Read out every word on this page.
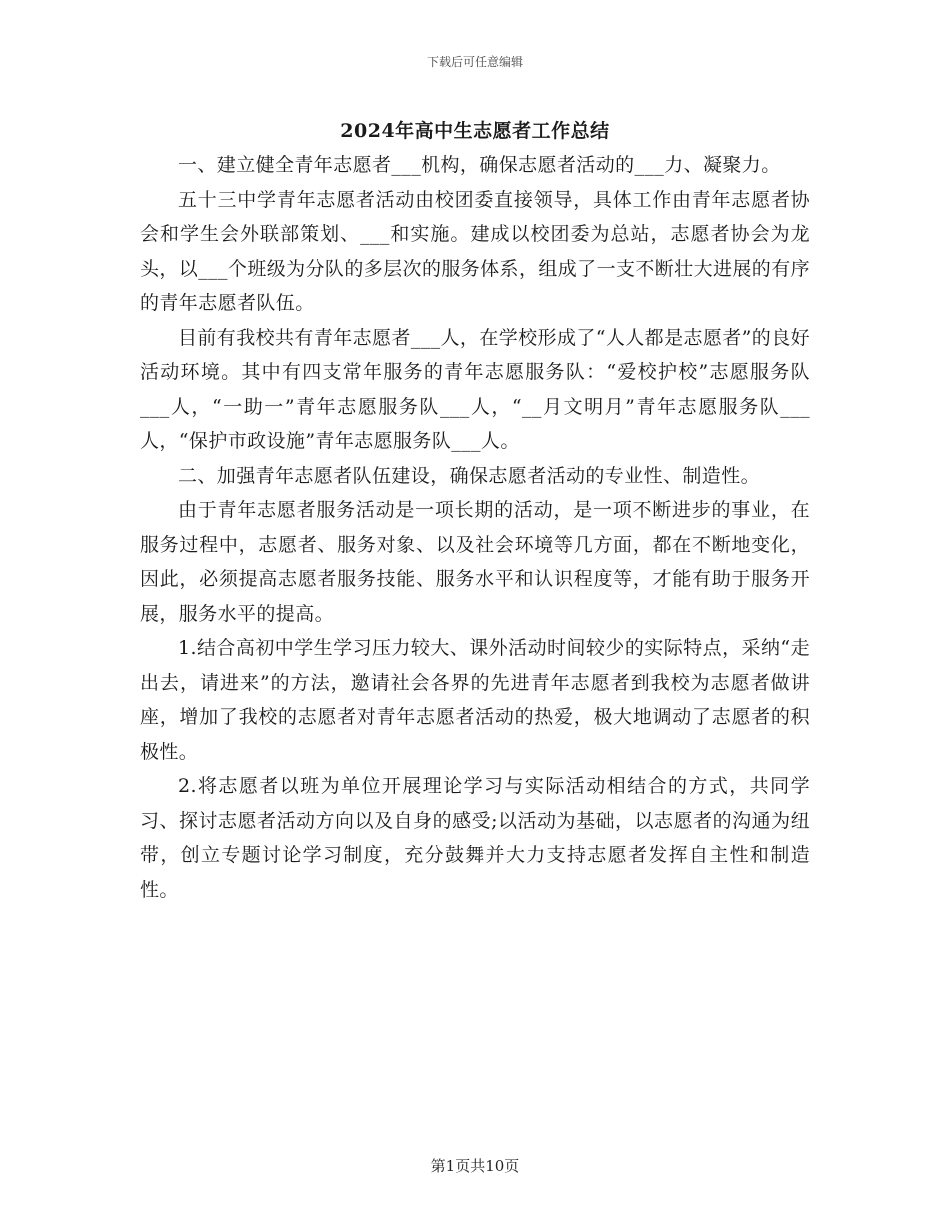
下载后可任意编辑
2024年高中生志愿者工作总结

一、建立健全青年志愿者___机构，确保志愿者活动的___力、凝聚力。

五十三中学青年志愿者活动由校团委直接领导，具体工作由青年志愿者协会和学生会外联部策划、___和实施。建成以校团委为总站，志愿者协会为龙头，以___个班级为分队的多层次的服务体系，组成了一支不断壮大进展的有序的青年志愿者队伍。

目前有我校共有青年志愿者___人，在学校形成了“人人都是志愿者”的良好活动环境。其中有四支常年服务的青年志愿服务队：“爱校护校”志愿服务队___人，“一助一”青年志愿服务队___人，“__月文明月”青年志愿服务队___人，“保护市政设施”青年志愿服务队___人。

二、加强青年志愿者队伍建设，确保志愿者活动的专业性、制造性。

由于青年志愿者服务活动是一项长期的活动，是一项不断进步的事业，在服务过程中，志愿者、服务对象、以及社会环境等几方面，都在不断地变化，因此，必须提高志愿者服务技能、服务水平和认识程度等，才能有助于服务开展，服务水平的提高。

1.结合高初中学生学习压力较大、课外活动时间较少的实际特点，采纳“走出去，请进来”的方法，邀请社会各界的先进青年志愿者到我校为志愿者做讲座，增加了我校的志愿者对青年志愿者活动的热爱，极大地调动了志愿者的积极性。

2.将志愿者以班为单位开展理论学习与实际活动相结合的方式，共同学习、探讨志愿者活动方向以及自身的感受;以活动为基础，以志愿者的沟通为纽带，创立专题讨论学习制度，充分鼓舞并大力支持志愿者发挥自主性和制造性。

第1页共10页
